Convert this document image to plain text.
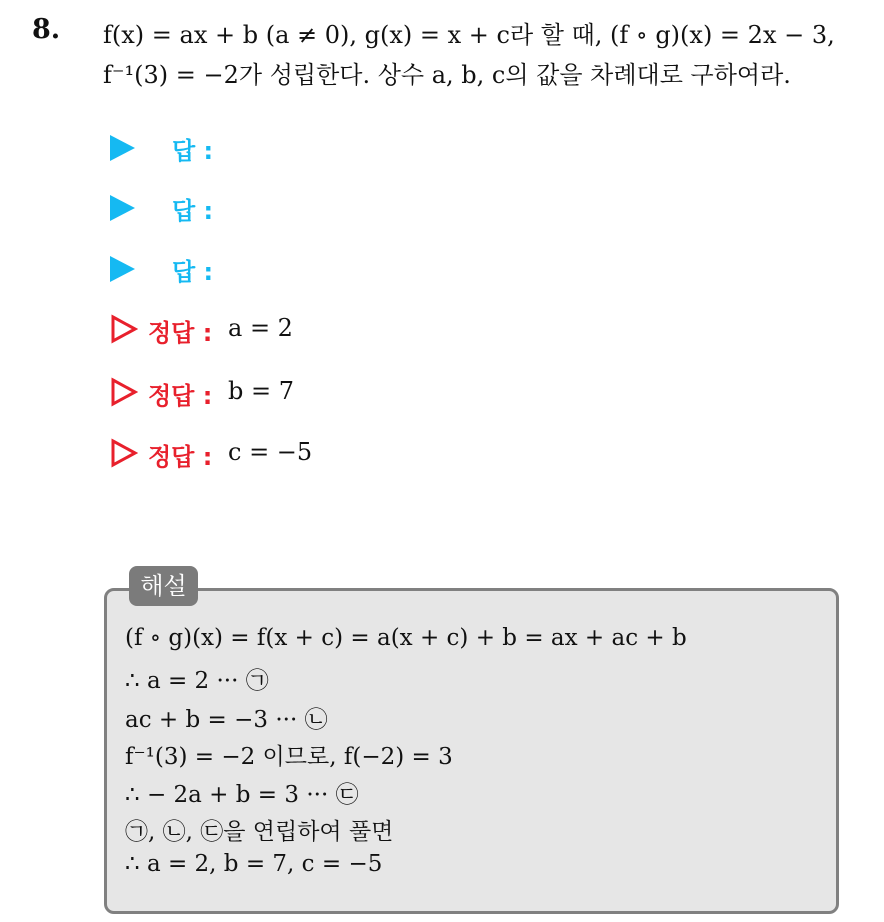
8. f(x) = ax + b (a ≠ 0), g(x) = x + c라 할 때, (f ∘ g)(x) = 2x − 3,
f⁻¹(3) = −2가 성립한다. 상수 a, b, c의 값을 차례대로 구하여라.
답 :
답 :
답 :
정답 : a = 2
정답 : b = 7
정답 : c = −5
해설
(f ∘ g)(x) = f(x + c) = a(x + c) + b = ax + ac + b
∴ a = 2 ··· ㉠
ac + b = −3 ··· ㉡
f⁻¹(3) = −2 이므로, f(−2) = 3
∴ − 2a + b = 3 ··· ㉢
㉠, ㉡, ㉢을 연립하여 풀면
∴ a = 2, b = 7, c = −5
